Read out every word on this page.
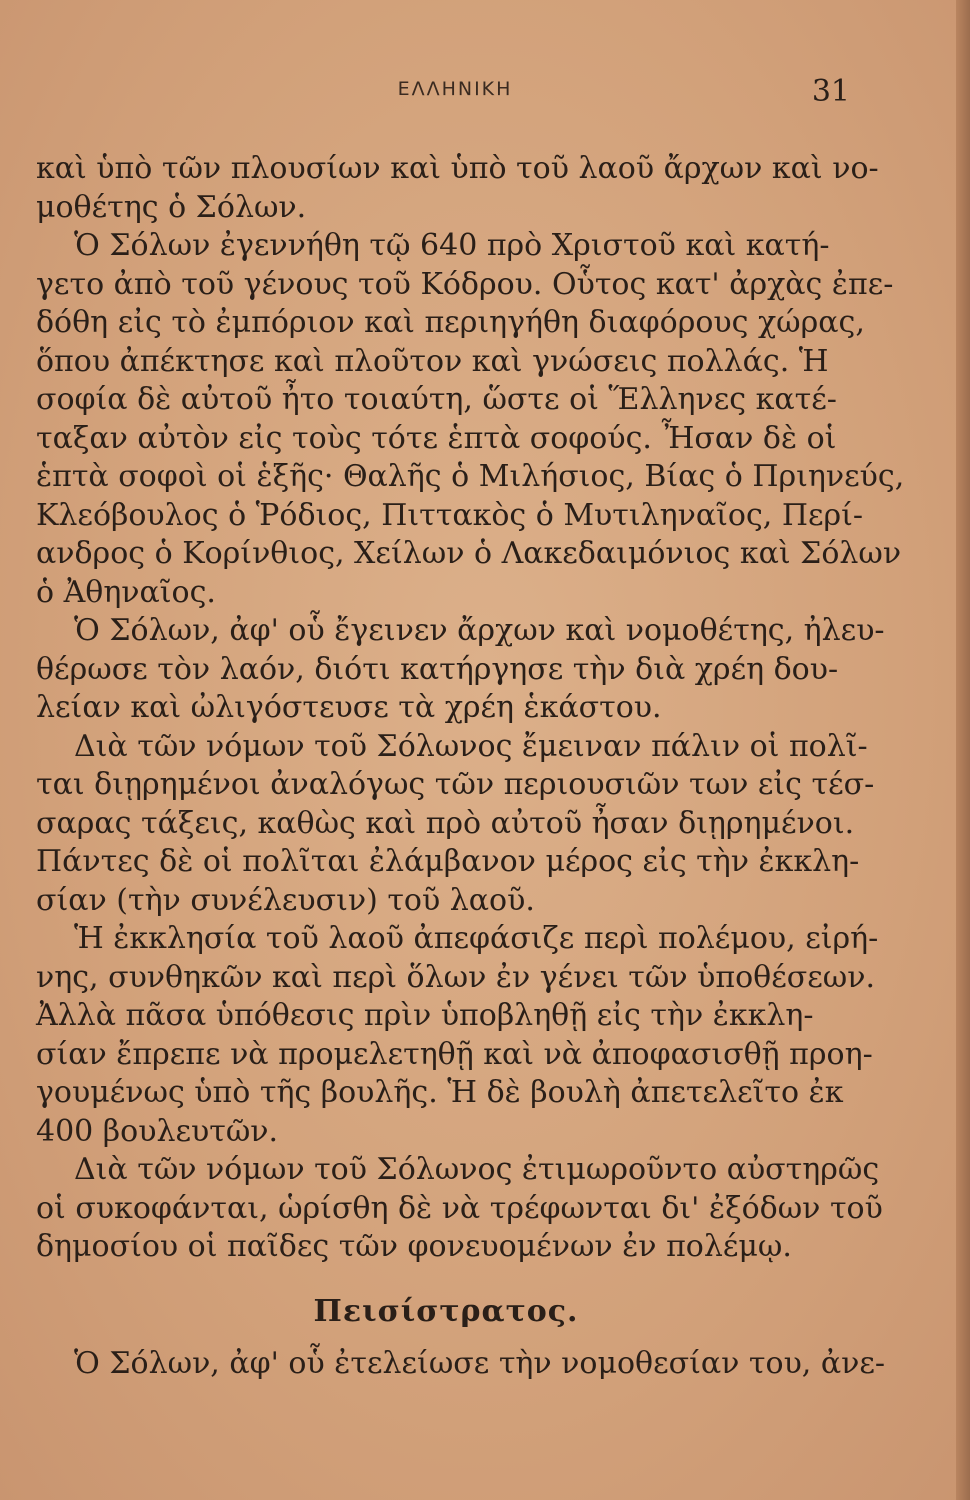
ΕΛΛΗΝΙΚΗ	31

καὶ ὑπὸ τῶν πλουσίων καὶ ὑπὸ τοῦ λαοῦ ἄρχων καὶ νο-
μοθέτης ὁ Σόλων.

Ὁ Σόλων ἐγεννήθη τῷ 640 πρὸ Χριστοῦ καὶ κατή-
γετο ἀπὸ τοῦ γένους τοῦ Κόδρου. Οὗτος κατ' ἀρχὰς ἐπε-
δόθη εἰς τὸ ἐμπόριον καὶ περιηγήθη διαφόρους χώρας,
ὅπου ἀπέκτησε καὶ πλοῦτον καὶ γνώσεις πολλάς. Ἡ
σοφία δὲ αὐτοῦ ἦτο τοιαύτη, ὥστε οἱ Ἕλληνες κατέ-
ταξαν αὐτὸν εἰς τοὺς τότε ἑπτὰ σοφούς. Ἦσαν δὲ οἱ
ἑπτὰ σοφοὶ οἱ ἑξῆς· Θαλῆς ὁ Μιλήσιος, Βίας ὁ Πριηνεύς,
Κλεόβουλος ὁ Ῥόδιος, Πιττακὸς ὁ Μυτιληναῖος, Περί-
ανδρος ὁ Κορίνθιος, Χείλων ὁ Λακεδαιμόνιος καὶ Σόλων
ὁ Ἀθηναῖος.

Ὁ Σόλων, ἀφ' οὗ ἔγεινεν ἄρχων καὶ νομοθέτης, ἠλευ-
θέρωσε τὸν λαόν, διότι κατήργησε τὴν διὰ χρέη δου-
λείαν καὶ ὠλιγόστευσε τὰ χρέη ἑκάστου.

Διὰ τῶν νόμων τοῦ Σόλωνος ἔμειναν πάλιν οἱ πολῖ-
ται διῃρημένοι ἀναλόγως τῶν περιουσιῶν των εἰς τέσ-
σαρας τάξεις, καθὼς καὶ πρὸ αὐτοῦ ἦσαν διῃρημένοι.
Πάντες δὲ οἱ πολῖται ἐλάμβανον μέρος εἰς τὴν ἐκκλη-
σίαν (τὴν συνέλευσιν) τοῦ λαοῦ.

Ἡ ἐκκλησία τοῦ λαοῦ ἀπεφάσιζε περὶ πολέμου, εἰρή-
νης, συνθηκῶν καὶ περὶ ὅλων ἐν γένει τῶν ὑποθέσεων.
Ἀλλὰ πᾶσα ὑπόθεσις πρὶν ὑποβληθῇ εἰς τὴν ἐκκλη-
σίαν ἔπρεπε νὰ προμελετηθῇ καὶ νὰ ἀποφασισθῇ προη-
γουμένως ὑπὸ τῆς βουλῆς. Ἡ δὲ βουλὴ ἀπετελεῖτο ἐκ
400 βουλευτῶν.

Διὰ τῶν νόμων τοῦ Σόλωνος ἐτιμωροῦντο αὐστηρῶς
οἱ συκοφάνται, ὡρίσθη δὲ νὰ τρέφωνται δι' ἐξόδων τοῦ
δημοσίου οἱ παῖδες τῶν φονευομένων ἐν πολέμῳ.

Πεισίστρατος.

Ὁ Σόλων, ἀφ' οὗ ἐτελείωσε τὴν νομοθεσίαν του, ἀνε-
